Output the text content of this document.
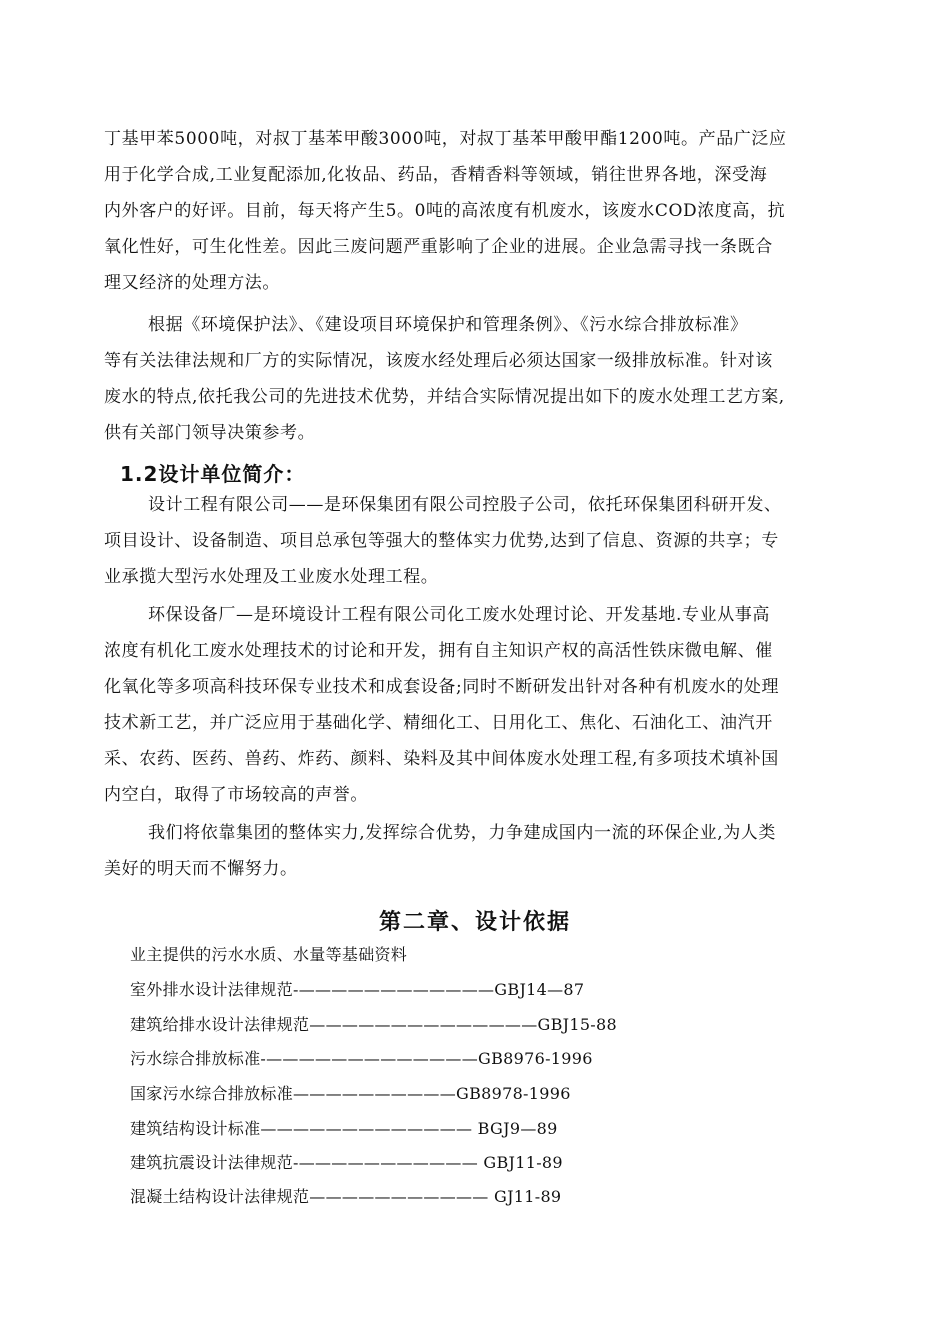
丁基甲苯5000吨，对叔丁基苯甲酸3000吨，对叔丁基苯甲酸甲酯1200吨。产品广泛应
用于化学合成,工业复配添加,化妆品、药品，香精香料等领域，销往世界各地，深受海
内外客户的好评。目前，每天将产生5。0吨的高浓度有机废水，该废水COD浓度高，抗
氧化性好，可生化性差。因此三废问题严重影响了企业的进展。企业急需寻找一条既合
理又经济的处理方法。
根据《环境保护法》、《建设项目环境保护和管理条例》、《污水综合排放标准》
等有关法律法规和厂方的实际情况，该废水经处理后必须达国家一级排放标准。针对该
废水的特点,依托我公司的先进技术优势，并结合实际情况提出如下的废水处理工艺方案,
供有关部门领导决策参考。
1.2设计单位简介：
设计工程有限公司——是环保集团有限公司控股子公司，依托环保集团科研开发、
项目设计、设备制造、项目总承包等强大的整体实力优势,达到了信息、资源的共享；专
业承揽大型污水处理及工业废水处理工程。
环保设备厂—是环境设计工程有限公司化工废水处理讨论、开发基地.专业从事高
浓度有机化工废水处理技术的讨论和开发，拥有自主知识产权的高活性铁床微电解、催
化氧化等多项高科技环保专业技术和成套设备;同时不断研发出针对各种有机废水的处理
技术新工艺，并广泛应用于基础化学、精细化工、日用化工、焦化、石油化工、油汽开
采、农药、医药、兽药、炸药、颜料、染料及其中间体废水处理工程,有多项技术填补国
内空白，取得了市场较高的声誉。
我们将依靠集团的整体实力,发挥综合优势，力争建成国内一流的环保企业,为人类
美好的明天而不懈努力。
第二章、设计依据
业主提供的污水水质、水量等基础资料
室外排水设计法律规范-————————————GBJ14—87
建筑给排水设计法律规范——————————————GBJ15-88
污水综合排放标准-—————————————GB8976-1996
国家污水综合排放标准——————————GB8978-1996
建筑结构设计标准————————————— BGJ9—89
建筑抗震设计法律规范-——————————— GBJ11-89
混凝土结构设计法律规范——————————— GJ11-89
